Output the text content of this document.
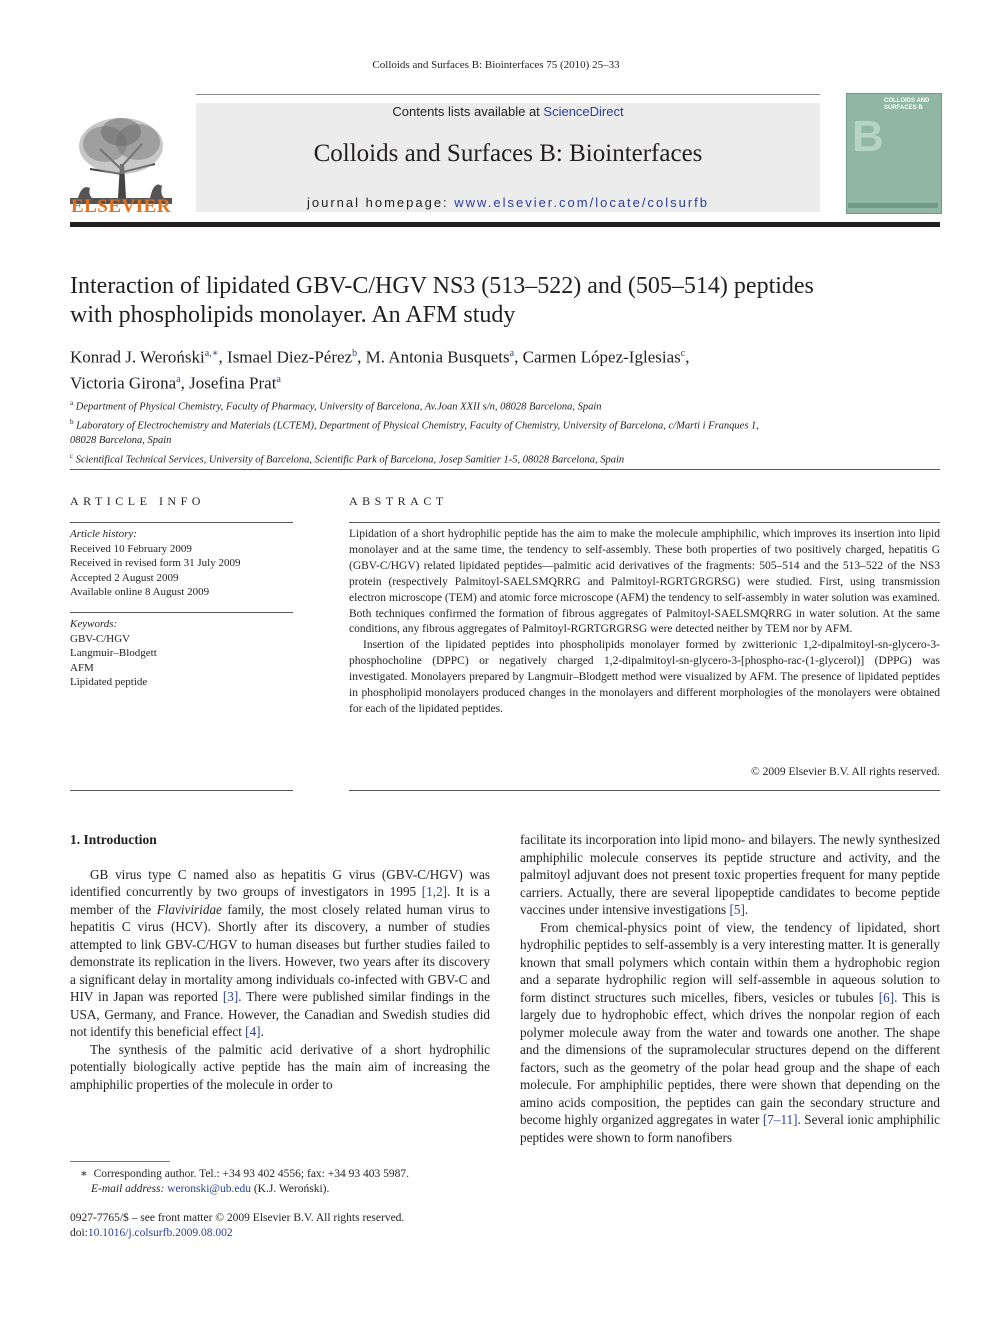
Colloids and Surfaces B: Biointerfaces 75 (2010) 25–33
ELSEVIER
Contents lists available at ScienceDirect
Colloids and Surfaces B: Biointerfaces
journal homepage: www.elsevier.com/locate/colsurfb
COLLOIDS AND SURFACES B
B
Interaction of lipidated GBV-C/HGV NS3 (513–522) and (505–514) peptides
with phospholipids monolayer. An AFM study
Konrad J. Weroński$^{a,∗}$, Ismael Diez-Pérez$^b$, M. Antonia Busquets$^a$, Carmen López-Iglesias$^c$,
Victoria Girona$^a$, Josefina Prat$^a$
$^a$ Department of Physical Chemistry, Faculty of Pharmacy, University of Barcelona, Av.Joan XXII s/n, 08028 Barcelona, Spain
$^b$ Laboratory of Electrochemistry and Materials (LCTEM), Department of Physical Chemistry, Faculty of Chemistry, University of Barcelona, c/Marti i Franques 1,
08028 Barcelona, Spain
$^c$ Scientifical Technical Services, University of Barcelona, Scientific Park of Barcelona, Josep Samitier 1-5, 08028 Barcelona, Spain
ARTICLE INFO
Article history:
Received 10 February 2009
Received in revised form 31 July 2009
Accepted 2 August 2009
Available online 8 August 2009
Keywords:
GBV-C/HGV
Langmuir–Blodgett
AFM
Lipidated peptide
ABSTRACT

Lipidation of a short hydrophilic peptide has the aim to make the molecule amphiphilic, which improves its insertion into lipid monolayer and at the same time, the tendency to self-assembly. These both properties of two positively charged, hepatitis G (GBV-C/HGV) related lipidated peptides—palmitic acid derivatives of the fragments: 505–514 and the 513–522 of the NS3 protein (respectively Palmitoyl-SAELSMQRRG and Palmitoyl-RGRTGRGRSG) were studied. First, using transmission electron microscope (TEM) and atomic force microscope (AFM) the tendency to self-assembly in water solution was examined. Both techniques confirmed the formation of fibrous aggregates of Palmitoyl-SAELSMQRRG in water solution. At the same conditions, any fibrous aggregates of Palmitoyl-RGRTGRGRSG were detected neither by TEM nor by AFM.

Insertion of the lipidated peptides into phospholipids monolayer formed by zwitterionic 1,2-dipalmitoyl-sn-glycero-3-phosphocholine (DPPC) or negatively charged 1,2-dipalmitoyl-sn-glycero-3-[phospho-rac-(1-glycerol)] (DPPG) was investigated. Monolayers prepared by Langmuir–Blodgett method were visualized by AFM. The presence of lipidated peptides in phospholipid monolayers produced changes in the monolayers and different morphologies of the monolayers were obtained for each of the lipidated peptides.

© 2009 Elsevier B.V. All rights reserved.

1. Introduction

GB virus type C named also as hepatitis G virus (GBV-C/HGV) was identified concurrently by two groups of investigators in 1995 [1,2]. It is a member of the Flaviviridae family, the most closely related human virus to hepatitis C virus (HCV). Shortly after its discovery, a number of studies attempted to link GBV-C/HGV to human diseases but further studies failed to demonstrate its replication in the livers. However, two years after its discovery a significant delay in mortality among individuals co-infected with GBV-C and HIV in Japan was reported [3]. There were published similar findings in the USA, Germany, and France. However, the Canadian and Swedish studies did not identify this beneficial effect [4].

The synthesis of the palmitic acid derivative of a short hydrophilic potentially biologically active peptide has the main aim of increasing the amphiphilic properties of the molecule in order to

facilitate its incorporation into lipid mono- and bilayers. The newly synthesized amphiphilic molecule conserves its peptide structure and activity, and the palmitoyl adjuvant does not present toxic properties frequent for many peptide carriers. Actually, there are several lipopeptide candidates to become peptide vaccines under intensive investigations [5].

From chemical-physics point of view, the tendency of lipidated, short hydrophilic peptides to self-assembly is a very interesting matter. It is generally known that small polymers which contain within them a hydrophobic region and a separate hydrophilic region will self-assemble in aqueous solution to form distinct structures such micelles, fibers, vesicles or tubules [6]. This is largely due to hydrophobic effect, which drives the nonpolar region of each polymer molecule away from the water and towards one another. The shape and the dimensions of the supramolecular structures depend on the different factors, such as the geometry of the polar head group and the shape of each molecule. For amphiphilic peptides, there were shown that depending on the amino acids composition, the peptides can gain the secondary structure and become highly organized aggregates in water [7–11]. Several ionic amphiphilic peptides were shown to form nanofibers

∗ Corresponding author. Tel.: +34 93 402 4556; fax: +34 93 403 5987.
E-mail address: weronski@ub.edu (K.J. Weroński).
0927-7765/$ – see front matter © 2009 Elsevier B.V. All rights reserved.
doi:10.1016/j.colsurfb.2009.08.002
